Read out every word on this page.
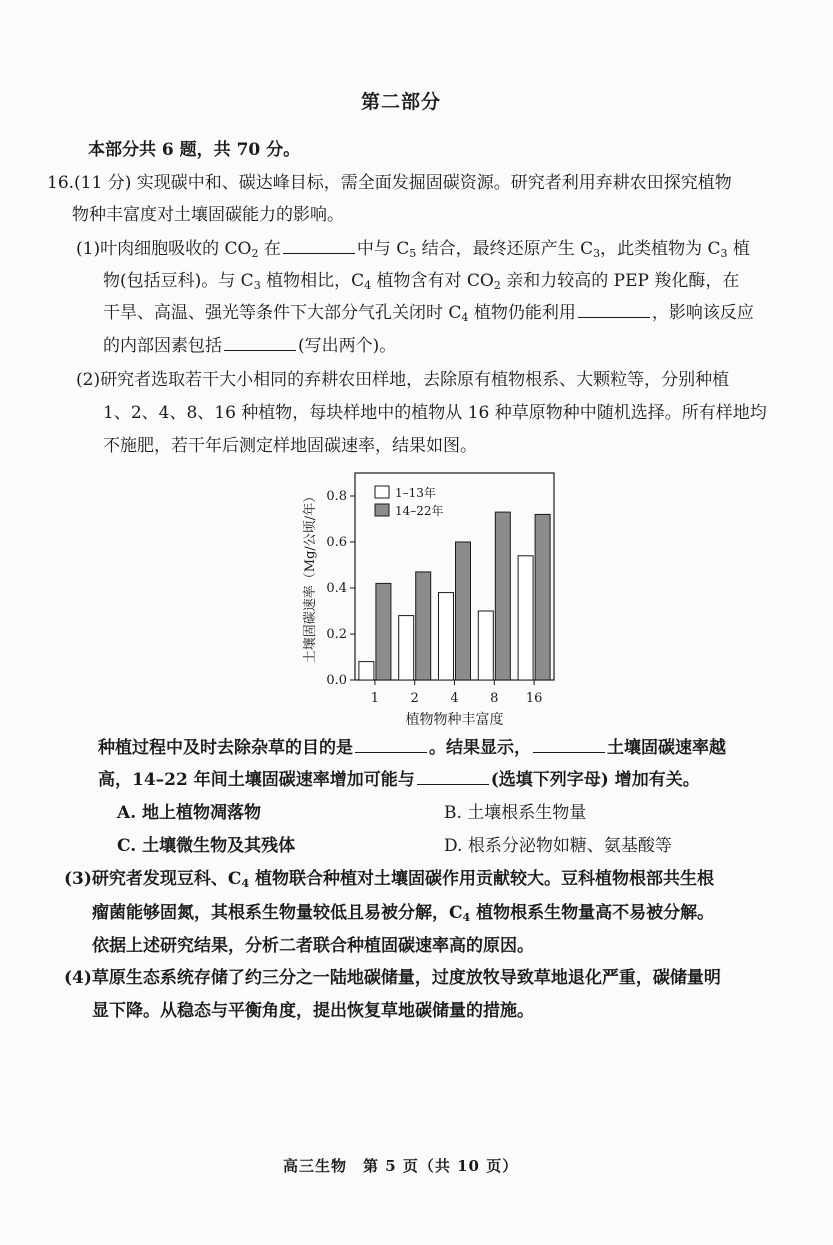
第二部分
本部分共 6 题，共 70 分。
16.(11 分) 实现碳中和、碳达峰目标，需全面发掘固碳资源。研究者利用弃耕农田探究植物
物种丰富度对土壤固碳能力的影响。
(1)叶肉细胞吸收的 $CO_2$ 在	中与 $C_5$ 结合，最终还原产生 $C_3$，此类植物为 $C_3$ 植
物(包括豆科)。与 $C_3$ 植物相比，$C_4$ 植物含有对 $CO_2$ 亲和力较高的 PEP 羧化酶，在
干旱、高温、强光等条件下大部分气孔关闭时 $C_4$ 植物仍能利用	，影响该反应
的内部因素包括	(写出两个)。
(2)研究者选取若干大小相同的弃耕农田样地，去除原有植物根系、大颗粒等，分别种植
1、2、4、8、16 种植物，每块样地中的植物从 16 种草原物种中随机选择。所有样地均
不施肥，若干年后测定样地固碳速率，结果如图。
0.0
0.2
0.4
0.6
0.8
1 2 4 8 16
1–13年
14–22年
植物物种丰富度
土壤固碳速率（Mg/公顷/年）
种植过程中及时去除杂草的目的是	。结果显示，	土壤固碳速率越
高，14–22 年间土壤固碳速率增加可能与	(选填下列字母) 增加有关。
A. 地上植物凋落物	B. 土壤根系生物量
C. 土壤微生物及其残体	D. 根系分泌物如糖、氨基酸等
(3)研究者发现豆科、$C_4$ 植物联合种植对土壤固碳作用贡献较大。豆科植物根部共生根
瘤菌能够固氮，其根系生物量较低且易被分解，$C_4$ 植物根系生物量高不易被分解。
依据上述研究结果，分析二者联合种植固碳速率高的原因。
(4)草原生态系统存储了约三分之一陆地碳储量，过度放牧导致草地退化严重，碳储量明
显下降。从稳态与平衡角度，提出恢复草地碳储量的措施。
高三生物　第 5 页（共 10 页）
